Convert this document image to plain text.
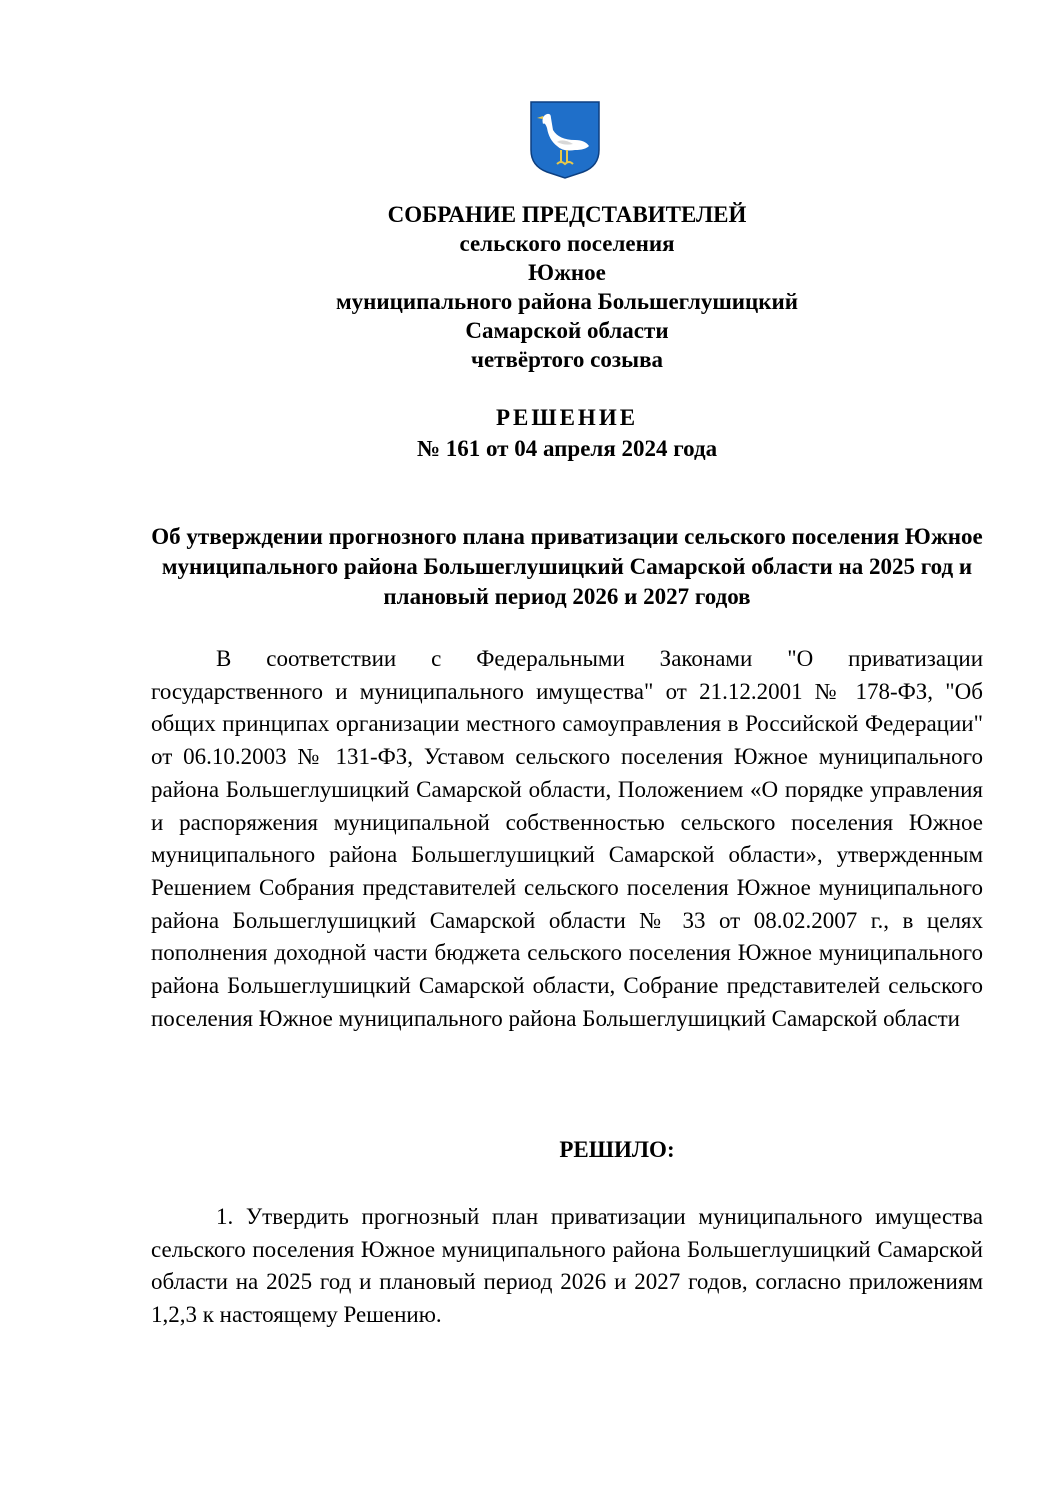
СОБРАНИЕ ПРЕДСТАВИТЕЛЕЙ
сельского поселения
Южное
муниципального района Большеглушицкий
Самарской области
четвёртого созыва
РЕШЕНИЕ
№ 161 от 04 апреля 2024 года
Об утверждении прогнозного плана приватизации сельского поселения Южное муниципального района Большеглушицкий Самарской области на 2025 год и плановый период 2026 и 2027 годов
В соответствии с Федеральными Законами "О приватизации государственного и муниципального имущества" от 21.12.2001 № 178-ФЗ, "Об общих принципах организации местного самоуправления в Российской Федерации" от 06.10.2003 № 131-ФЗ, Уставом сельского поселения Южное муниципального района Большеглушицкий Самарской области, Положением «О порядке управления и распоряжения муниципальной собственностью сельского поселения Южное муниципального района Большеглушицкий Самарской области», утвержденным Решением Собрания представителей сельского поселения Южное муниципального района Большеглушицкий Самарской области № 33 от 08.02.2007 г., в целях пополнения доходной части бюджета сельского поселения Южное муниципального района Большеглушицкий Самарской области, Собрание представителей сельского поселения Южное муниципального района Большеглушицкий Самарской области
РЕШИЛО:
1. Утвердить прогнозный план приватизации муниципального имущества сельского поселения Южное муниципального района Большеглушицкий Самарской области на 2025 год и плановый период 2026 и 2027 годов, согласно приложениям 1,2,3 к настоящему Решению.
